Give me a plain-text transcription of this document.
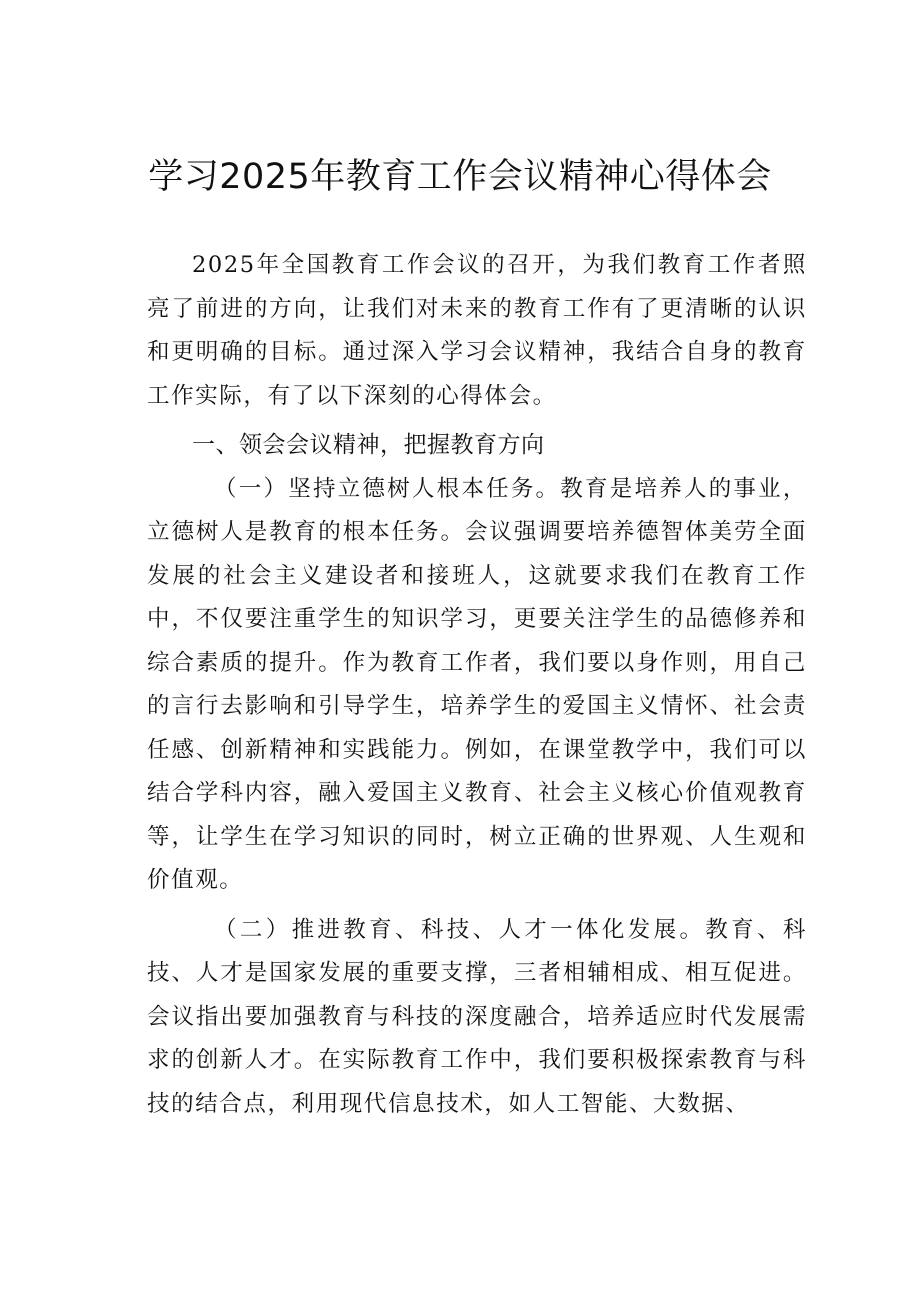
学习2025年教育工作会议精神心得体会

2025年全国教育工作会议的召开，为我们教育工作者照亮了前进的方向，让我们对未来的教育工作有了更清晰的认识和更明确的目标。通过深入学习会议精神，我结合自身的教育工作实际，有了以下深刻的心得体会。

一、领会会议精神，把握教育方向

（一）坚持立德树人根本任务。教育是培养人的事业，立德树人是教育的根本任务。会议强调要培养德智体美劳全面发展的社会主义建设者和接班人，这就要求我们在教育工作中，不仅要注重学生的知识学习，更要关注学生的品德修养和综合素质的提升。作为教育工作者，我们要以身作则，用自己的言行去影响和引导学生，培养学生的爱国主义情怀、社会责任感、创新精神和实践能力。例如，在课堂教学中，我们可以结合学科内容，融入爱国主义教育、社会主义核心价值观教育等，让学生在学习知识的同时，树立正确的世界观、人生观和价值观。

（二）推进教育、科技、人才一体化发展。教育、科技、人才是国家发展的重要支撑，三者相辅相成、相互促进。会议指出要加强教育与科技的深度融合，培养适应时代发展需求的创新人才。在实际教育工作中，我们要积极探索教育与科技的结合点，利用现代信息技术，如人工智能、大数据、
